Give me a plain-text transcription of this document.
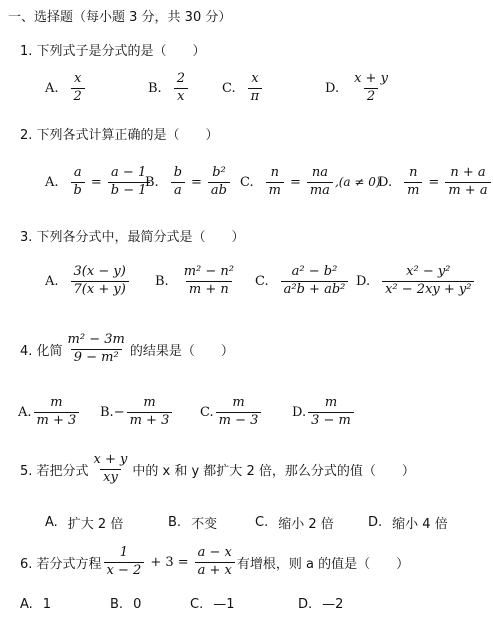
一、选择题（每小题 3 分，共 30 分）
1. 下列式子是分式的是（　　）
A. $\frac{x}{2}$	B. $\frac{2}{x}$	C. $\frac{x}{\pi}$	D. $\frac{x + y}{2}$
2. 下列各式计算正确的是（　　）
A. $\frac{a}{b} = \frac{a - 1}{b - 1}$
B. $\frac{b}{a} = \frac{\text{b²}}{ab} C$. $\frac{n}{m} = \frac{na}{ma} ,(a \ne 0)$
D. $\frac{n}{m} = \frac{n + a}{m + a}$
3. 下列各分式中，最简分式是（　　）
A. $\frac{3(x - y)}{7(x + y)} B$. $\frac{\text{m² − n²}}{m + n} C$. $\frac{\text{a² − b²}}{\text{a²b + ab²}} D$. $\frac{\text{x² − y²}}{\text{x² − 2xy + y²}}$
4. 化简 $\frac{\text{m² − 3m}}{\text{9 − m²}}$ 的结果是（　　）
A. $\frac{m}{m + 3} B$. − $\frac{m}{m + 3} C$. $\frac{m}{m - 3} D$. $\frac{m}{3 - m}$
5. 若把分式 $\frac{x + y}{xy}$ 中的 x 和 y 都扩大 2 倍，那么分式的值（　　）
A. 扩大 2 倍	B. 不变	C. 缩小 2 倍	D. 缩小 4 倍
6. 若分式方程 $\frac{1}{x - 2} + 3 = \frac{a - x}{a + x}$ 有增根，则 a 的值是（　　）
A. 1	B. 0	C. —1	D. —2
